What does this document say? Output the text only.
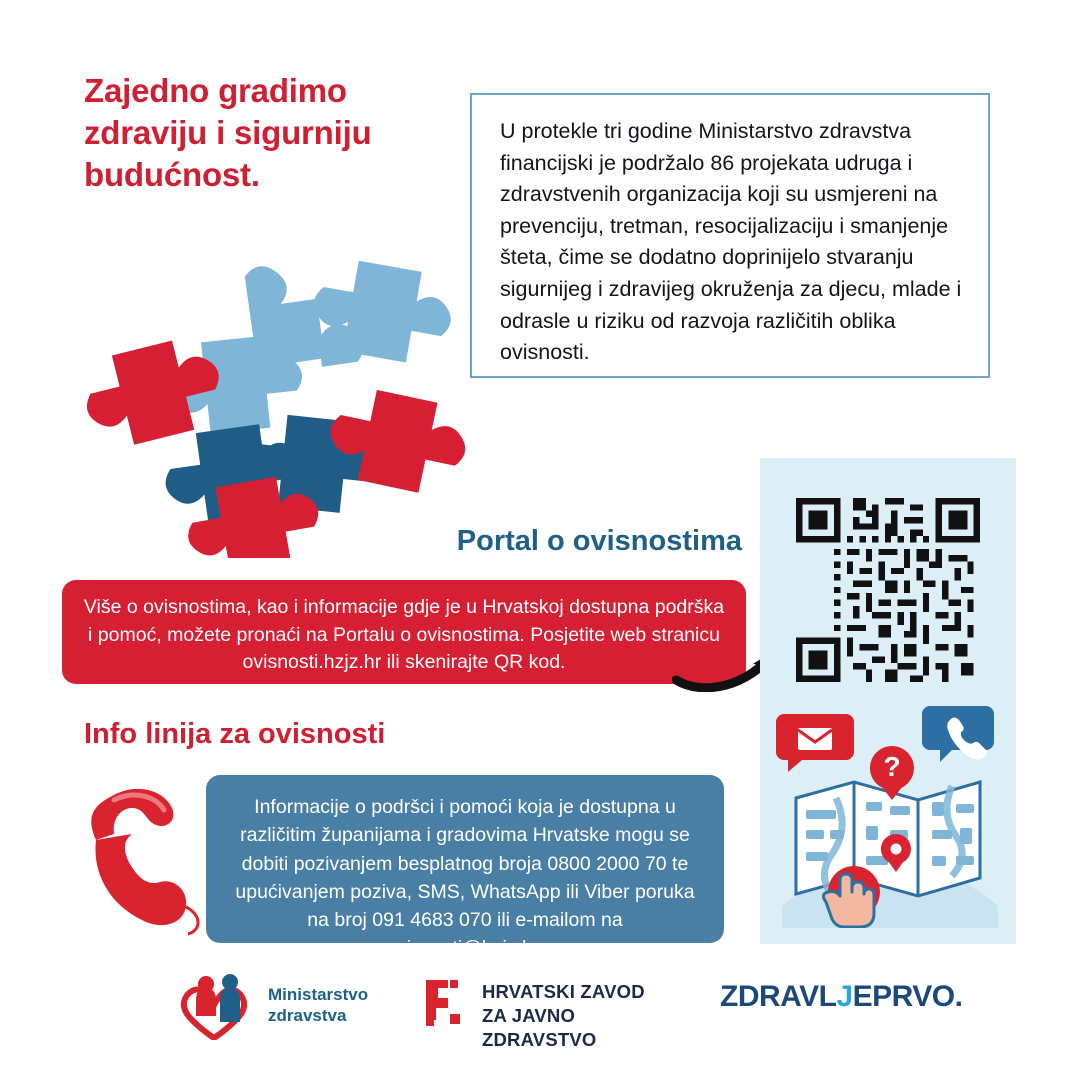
Zajedno gradimo zdraviju i sigurniju budućnost.
U protekle tri godine Ministarstvo zdravstva financijski je podržalo 86 projekata udruga i zdravstvenih organizacija koji su usmjereni na prevenciju, tretman, resocijalizaciju i smanjenje šteta, čime se dodatno doprinijelo stvaranju sigurnijeg i zdravijeg okruženja za djecu, mlade i odrasle u riziku od razvoja različitih oblika ovisnosti.
Portal o ovisnostima
Više o ovisnostima, kao i informacije gdje je u Hrvatskoj dostupna podrška i pomoć, možete pronaći na Portalu o ovisnostima. Posjetite web stranicu ovisnosti.hzjz.hr ili skenirajte QR kod.
Info linija za ovisnosti
Informacije o podršci i pomoći koja je dostupna u različitim županijama i gradovima Hrvatske mogu se dobiti pozivanjem besplatnog broja 0800 2000 70 te upućivanjem poziva, SMS, WhatsApp ili Viber poruka na broj 091 4683 070 ili e-mailom na ovisnosti@hzjz.hr.
?
Ministarstvo
zdravstva
HRVATSKI ZAVOD
ZA JAVNO ZDRAVSTVO
ZDRAVLJEPRVO.
